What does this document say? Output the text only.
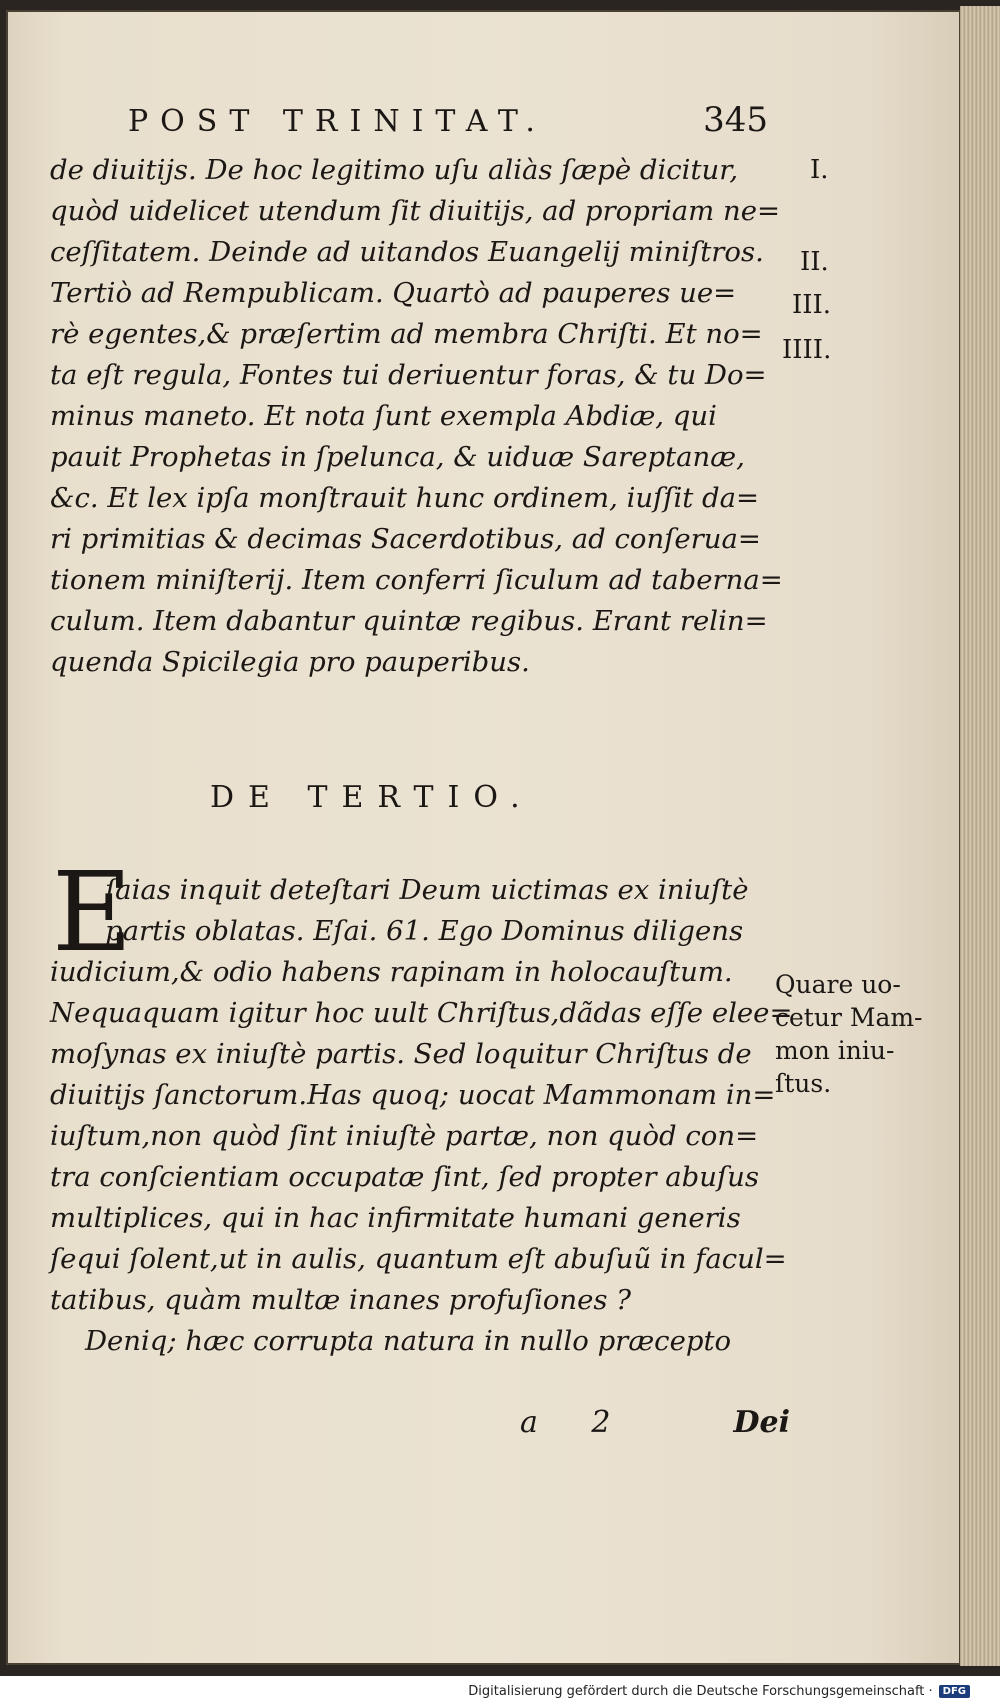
POST TRINITAT.	345
de diuitijs. De hoc legitimo uſu aliàs ſæpè dicitur,
quòd uidelicet utendum ſit diuitijs, ad propriam ne=
ceſſitatem. Deinde ad uitandos Euangelij miniſtros.
Tertiò ad Rempublicam. Quartò ad pauperes ue=
rè egentes,& præſertim ad membra Chriſti. Et no=
ta eſt regula, Fontes tui deriuentur foras, & tu Do=
minus maneto. Et nota ſunt exempla Abdiæ, qui
pauit Prophetas in ſpelunca, & uiduæ Sareptanæ,
&c. Et lex ipſa monſtrauit hunc ordinem, iuſſit da=
ri primitias & decimas Sacerdotibus, ad conſerua=
tionem miniſterij. Item conferri ſiculum ad taberna=
culum. Item dabantur quintæ regibus. Erant relin=
quenda Spicilegia pro pauperibus.
I.
II.
III.
IIII.
DE TERTIO.
E
ſaias inquit deteſtari Deum uictimas ex iniuſtè
partis oblatas. Eſai. 61. Ego Dominus diligens
iudicium,& odio habens rapinam in holocauſtum.
Nequaquam igitur hoc uult Chriſtus,dãdas eſſe elee=
moſynas ex iniuſtè partis. Sed loquitur Chriſtus de
diuitijs ſanctorum.Has quoq; uocat Mammonam in=
iuſtum,non quòd ſint iniuſtè partæ, non quòd con=
tra conſcientiam occupatæ ſint, ſed propter abuſus
multiplices, qui in hac infirmitate humani generis
ſequi ſolent,ut in aulis, quantum eſt abuſuũ in facul=
tatibus, quàm multæ inanes profuſiones ?
Deniq; hæc corrupta natura in nullo præcepto
Quare uo-
cetur Mam-
mon iniu-
ſtus.
a 2	Dei
Digitalisierung gefördert durch die Deutsche Forschungsgemeinschaft ·	DFG
